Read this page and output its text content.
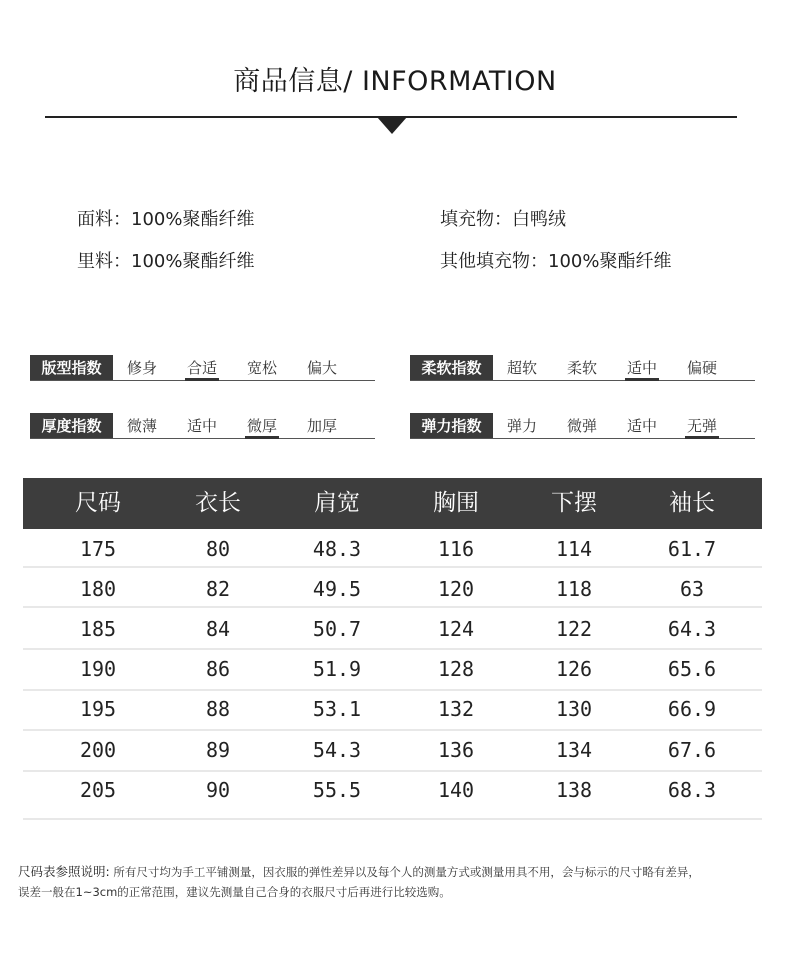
商品信息/ INFORMATION
面料：100%聚酯纤维	填充物：白鸭绒
里料：100%聚酯纤维	其他填充物：100%聚酯纤维
版型指数	修身	合适	宽松	偏大	柔软指数	超软	柔软	适中	偏硬
厚度指数	微薄	适中	微厚	加厚	弹力指数	弹力	微弹	适中	无弹
尺码	衣长	肩宽	胸围	下摆	袖长
175	80	48.3	116	114	61.7
180	82	49.5	120	118	63
185	84	50.7	124	122	64.3
190	86	51.9	128	126	65.6
195	88	53.1	132	130	66.9
200	89	54.3	136	134	67.6
205	90	55.5	140	138	68.3
尺码表参照说明: 所有尺寸均为手工平铺测量，因衣服的弹性差异以及每个人的测量方式或测量用具不用，会与标示的尺寸略有差异，
误差一般在1~3cm的正常范围，建议先测量自己合身的衣服尺寸后再进行比较选购。
